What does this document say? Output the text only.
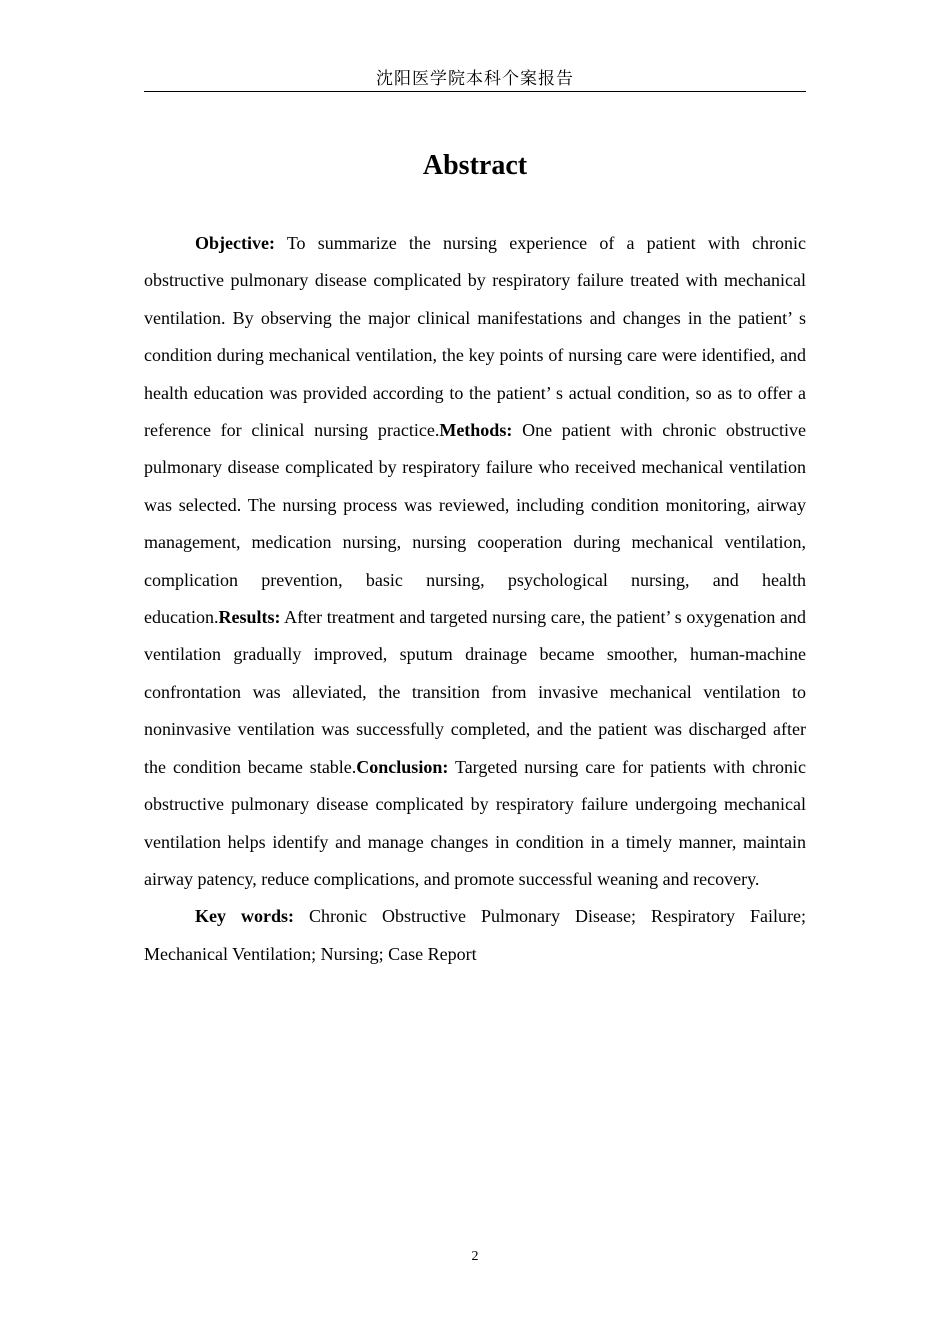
沈阳医学院本科个案报告
Abstract

Objective: To summarize the nursing experience of a patient with chronic obstructive pulmonary disease complicated by respiratory failure treated with mechanical ventilation. By observing the major clinical manifestations and changes in the patient’ s condition during mechanical ventilation, the key points of nursing care were identified, and health education was provided according to the patient’ s actual condition, so as to offer a reference for clinical nursing practice.Methods: One patient with chronic obstructive pulmonary disease complicated by respiratory failure who received mechanical ventilation was selected. The nursing process was reviewed, including condition monitoring, airway management, medication nursing, nursing cooperation during mechanical ventilation, complication prevention, basic nursing, psychological nursing, and health education.Results: After treatment and targeted nursing care, the patient’ s oxygenation and ventilation gradually improved, sputum drainage became smoother, human-machine confrontation was alleviated, the transition from invasive mechanical ventilation to noninvasive ventilation was successfully completed, and the patient was discharged after the condition became stable.Conclusion: Targeted nursing care for patients with chronic obstructive pulmonary disease complicated by respiratory failure undergoing mechanical ventilation helps identify and manage changes in condition in a timely manner, maintain airway patency, reduce complications, and promote successful weaning and recovery.

Key words: Chronic Obstructive Pulmonary Disease; Respiratory Failure; Mechanical Ventilation; Nursing; Case Report

2
